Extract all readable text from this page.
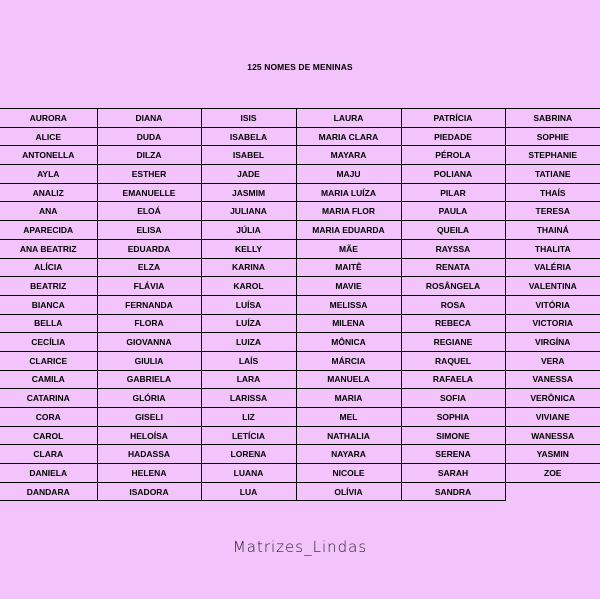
125 NOMES DE MENINAS
AURORA	DIANA	ISIS	LAURA	PATRÍCIA	SABRINA
ALICE	DUDA	ISABELA	MARIA CLARA	PIEDADE	SOPHIE
ANTONELLA	DILZA	ISABEL	MAYARA	PÉROLA	STEPHANIE
AYLA	ESTHER	JADE	MAJU	POLIANA	TATIANE
ANALIZ	EMANUELLE	JASMIM	MARIA LUÍZA	PILAR	THAÍS
ANA	ELOÁ	JULIANA	MARIA FLOR	PAULA	TERESA
APARECIDA	ELISA	JÚLIA	MARIA EDUARDA	QUEILA	THAINÁ
ANA BEATRIZ	EDUARDA	KELLY	MÃE	RAYSSA	THALITA
ALÍCIA	ELZA	KARINA	MAITÊ	RENATA	VALÉRIA
BEATRIZ	FLÁVIA	KAROL	MAVIE	ROSÂNGELA	VALENTINA
BIANCA	FERNANDA	LUÍSA	MELISSA	ROSA	VITÓRIA
BELLA	FLORA	LUÍZA	MILENA	REBECA	VICTORIA
CECÍLIA	GIOVANNA	LUIZA	MÔNICA	REGIANE	VIRGÍNA
CLARICE	GIULIA	LAÍS	MÁRCIA	RAQUEL	VERA
CAMILA	GABRIELA	LARA	MANUELA	RAFAELA	VANESSA
CATARINA	GLÓRIA	LARISSA	MARIA	SOFIA	VERÔNICA
CORA	GISELI	LIZ	MEL	SOPHIA	VIVIANE
CAROL	HELOÍSA	LETÍCIA	NATHALIA	SIMONE	WANESSA
CLARA	HADASSA	LORENA	NAYARA	SERENA	YASMIN
DANIELA	HELENA	LUANA	NICOLE	SARAH	ZOE
DANDARA	ISADORA	LUA	OLÍVIA	SANDRA	
Matrizes_Lindas
